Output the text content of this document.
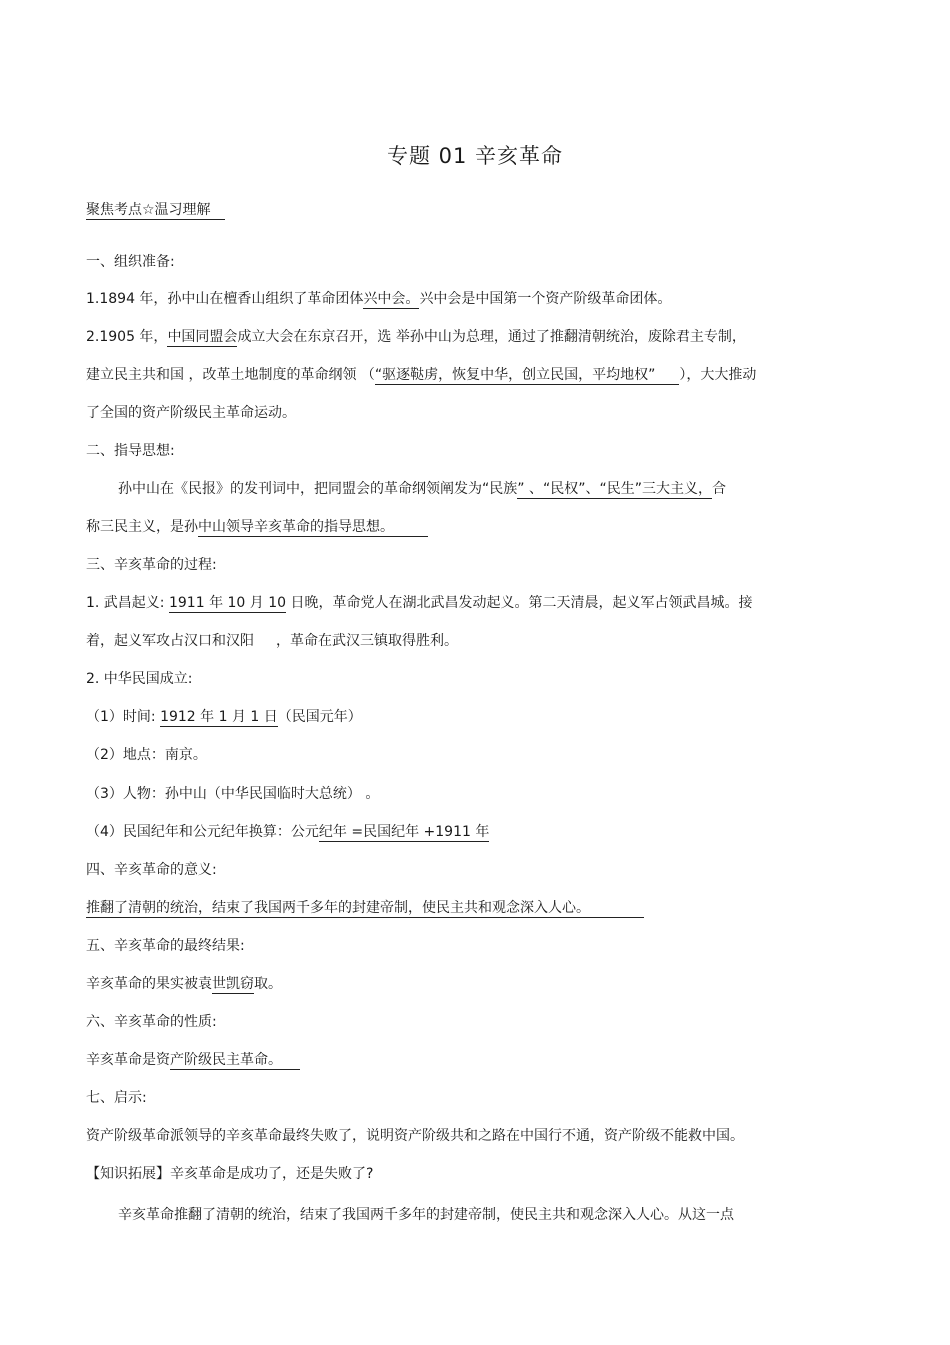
专题 01 辛亥革命
聚焦考点☆温习理解
一、组织准备:
1.1894 年，孙中山在檀香山组织了革命团体兴中会。兴中会是中国第一个资产阶级革命团体。
2.1905 年，中国同盟会成立大会在东京召开，选 举孙中山为总理，通过了推翻清朝统治，废除君主专制，
建立民主共和国 ，改革土地制度的革命纲领 （“驱逐鞑虏，恢复中华，创立民国，平均地权” ），大大推动
了全国的资产阶级民主革命运动。
二、指导思想:
孙中山在《民报》的发刊词中，把同盟会的革命纲领阐发为“民族” 、“民权”、“民生”三大主义，合
称三民主义，是孙中山领导辛亥革命的指导思想。
三、辛亥革命的过程:
1. 武昌起义: 1911 年 10 月 10 日晚，革命党人在湖北武昌发动起义。第二天清晨，起义军占领武昌城。接
着，起义军攻占汉口和汉阳 ，革命在武汉三镇取得胜利。
2. 中华民国成立:
（1）时间: 1912 年 1 月 1 日（民国元年）
（2）地点：南京。
（3）人物：孙中山（中华民国临时大总统） 。
（4）民国纪年和公元纪年换算：公元纪年 =民国纪年 +1911 年
四、辛亥革命的意义:
推翻了清朝的统治，结束了我国两千多年的封建帝制，使民主共和观念深入人心。
五、辛亥革命的最终结果:
辛亥革命的果实被袁世凯窃取。
六、辛亥革命的性质:
辛亥革命是资产阶级民主革命。
七、启示:
资产阶级革命派领导的辛亥革命最终失败了，说明资产阶级共和之路在中国行不通，资产阶级不能救中国。
【知识拓展】辛亥革命是成功了，还是失败了?
辛亥革命推翻了清朝的统治，结束了我国两千多年的封建帝制，使民主共和观念深入人心。从这一点
